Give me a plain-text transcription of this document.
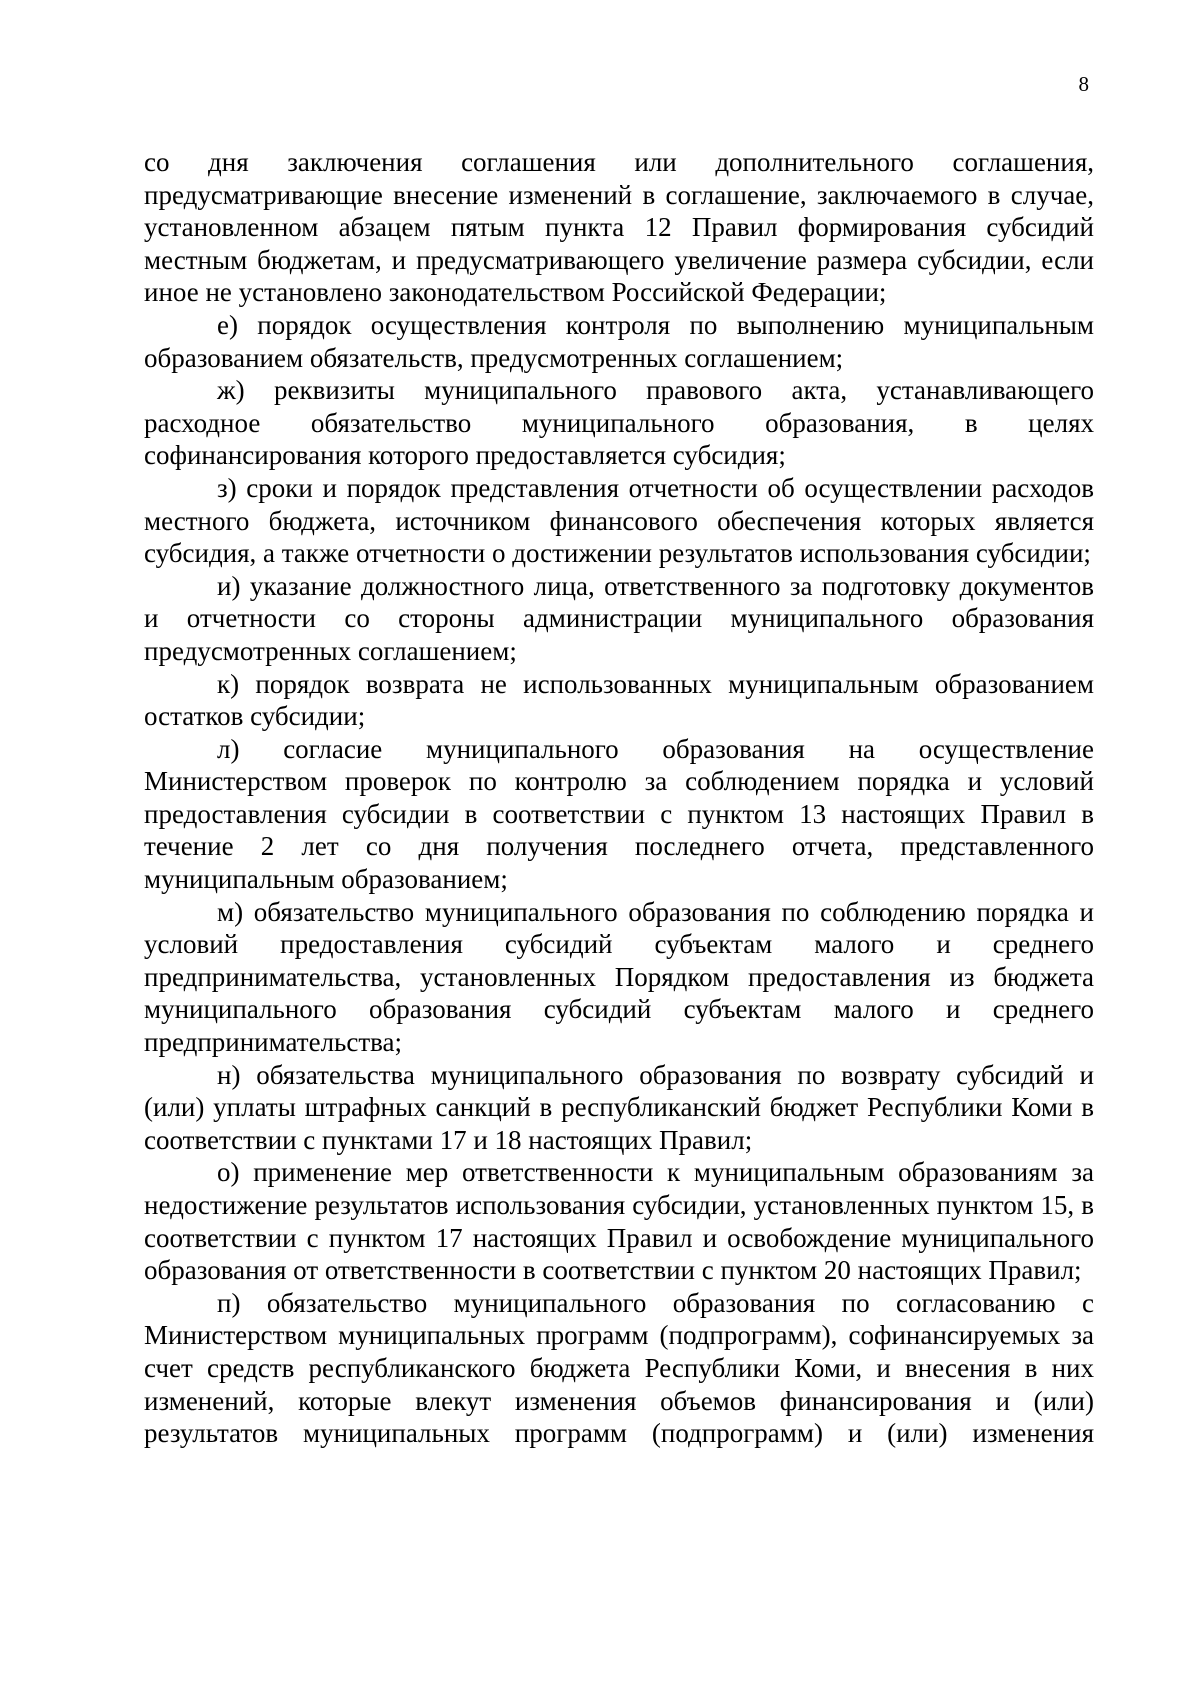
8

со дня заключения соглашения или дополнительного соглашения, предусматривающие внесение изменений в соглашение, заключаемого в случае, установленном абзацем пятым пункта 12 Правил формирования субсидий местным бюджетам, и предусматривающего увеличение размера субсидии, если иное не установлено законодательством Российской Федерации;

е) порядок осуществления контроля по выполнению муниципальным образованием обязательств, предусмотренных соглашением;

ж) реквизиты муниципального правового акта, устанавливающего расходное обязательство муниципального образования, в целях софинансирования которого предоставляется субсидия;

з) сроки и порядок представления отчетности об осуществлении расходов местного бюджета, источником финансового обеспечения которых является субсидия, а также отчетности о достижении результатов использования субсидии;

и) указание должностного лица, ответственного за подготовку документов и отчетности со стороны администрации муниципального образования предусмотренных соглашением;

к) порядок возврата не использованных муниципальным образованием остатков субсидии;

л) согласие муниципального образования на осуществление Министерством проверок по контролю за соблюдением порядка и условий предоставления субсидии в соответствии с пунктом 13 настоящих Правил в течение 2 лет со дня получения последнего отчета, представленного муниципальным образованием;

м) обязательство муниципального образования по соблюдению порядка и условий предоставления субсидий субъектам малого и среднего предпринимательства, установленных Порядком предоставления из бюджета муниципального образования субсидий субъектам малого и среднего предпринимательства;

н) обязательства муниципального образования по возврату субсидий и (или) уплаты штрафных санкций в республиканский бюджет Республики Коми в соответствии с пунктами 17 и 18 настоящих Правил;

о) применение мер ответственности к муниципальным образованиям за недостижение результатов использования субсидии, установленных пунктом 15, в соответствии с пунктом 17 настоящих Правил и освобождение муниципального образования от ответственности в соответствии с пунктом 20 настоящих Правил;

п) обязательство муниципального образования по согласованию с Министерством муниципальных программ (подпрограмм), софинансируемых за счет средств республиканского бюджета Республики Коми, и внесения в них изменений, которые влекут изменения объемов финансирования и (или) результатов муниципальных программ (подпрограмм) и (или) изменения
